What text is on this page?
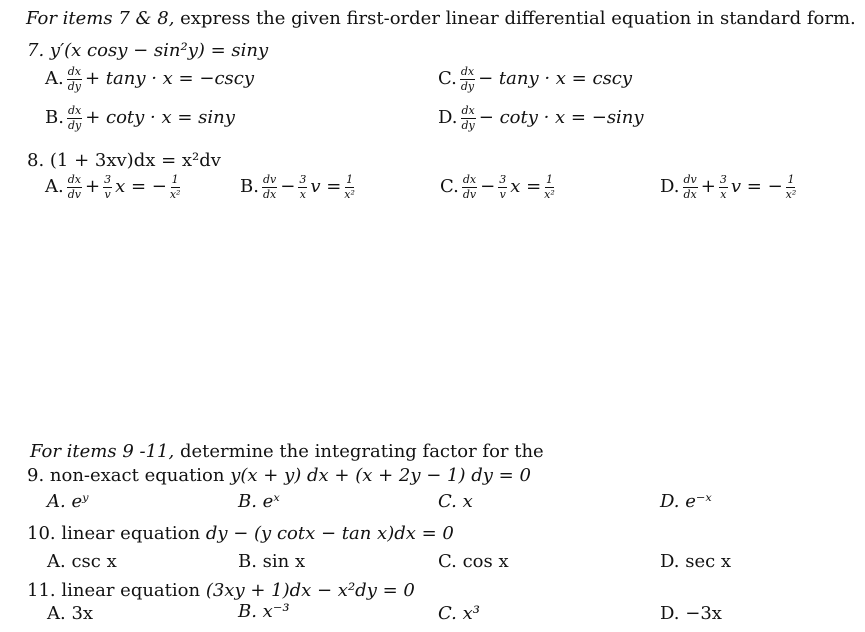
For items 7 & 8, express the given first-order linear differential equation in standard form.
7. y′(x cosy − sin²y) = siny
A. $\frac{dx}{dy} + \tan y \cdot x = -\csc y$
B. $\frac{dx}{dy} + \cot y \cdot x = \sin y$
C. $\frac{dx}{dy} - \tan y \cdot x = \csc y$
D. $\frac{dx}{dy} - \cot y \cdot x = -\sin y$
8. (1 + 3xv)dx = x²dv
A. $\frac{dx}{dv} + \frac{3}{v}$ x = − $\frac{1}{\text{x²}}$	B. $\frac{dv}{dx} - \frac{3}{x}$ $v = \frac{1}{\text{x²}}$	C. $\frac{dx}{dv} - \frac{3}{v}$ $x = \frac{1}{\text{x²}}$	D. $\frac{dv}{dx} + \frac{3}{x}$ v = − $\frac{1}{\text{x²}}$
For items 9 -11, determine the integrating factor for the
9. non-exact equation y(x + y) dx + (x + 2y − 1) dy = 0
A. eʸ	B. eˣ	C. x	D. e⁻ˣ
10. linear equation dy − (y cotx − tan x)dx = 0
A. csc x	B. sin x	C. cos x	D. sec x
11. linear equation (3xy + 1)dx − x²dy = 0
A. 3x	B. x⁻³	C. x³	D. −3x
